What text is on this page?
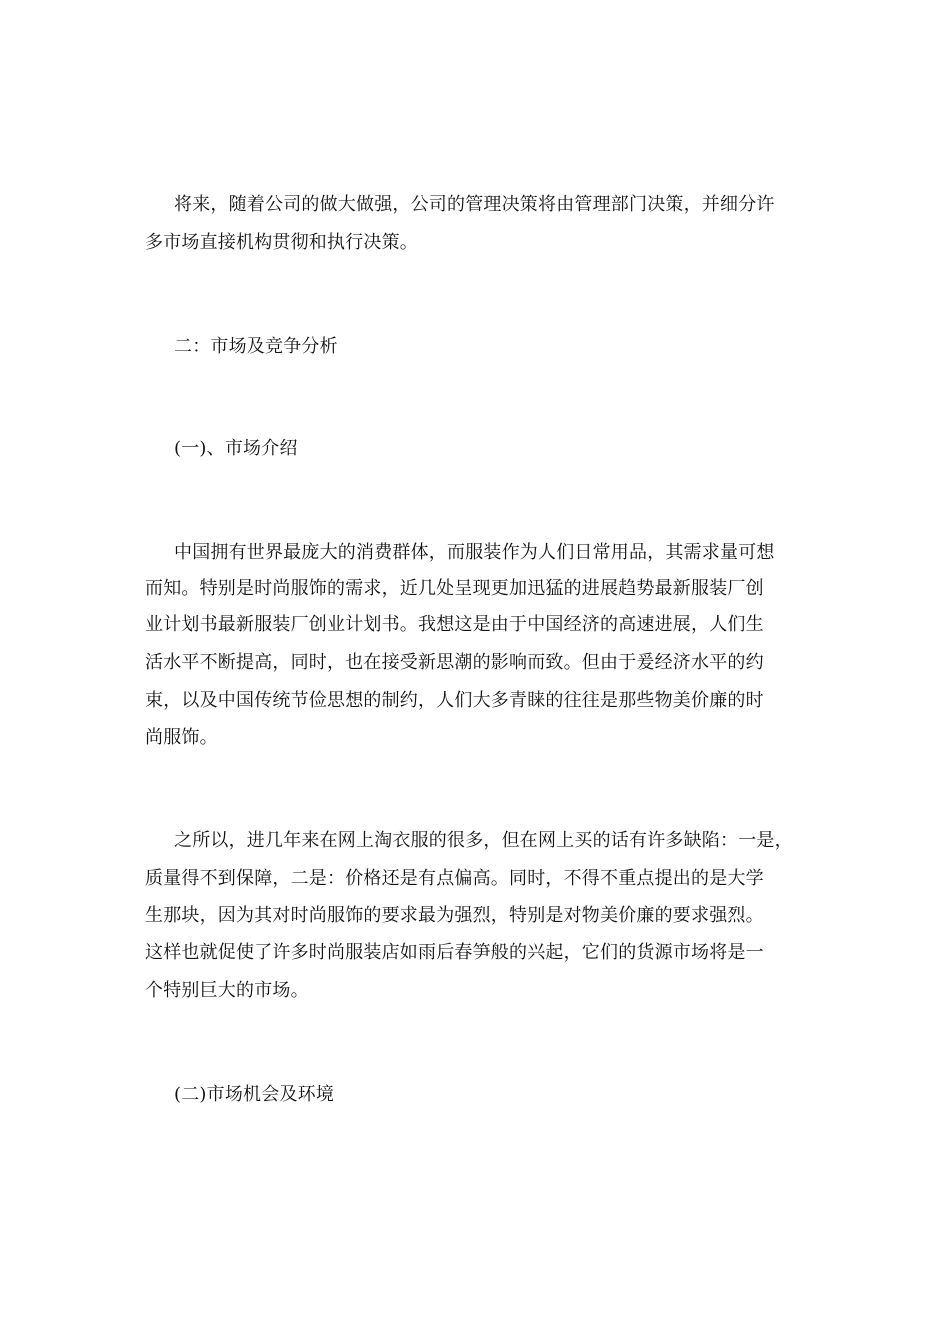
将来，随着公司的做大做强，公司的管理决策将由管理部门决策，并细分许
多市场直接机构贯彻和执行决策。
二：市场及竞争分析
(一)、市场介绍
中国拥有世界最庞大的消费群体，而服装作为人们日常用品，其需求量可想
而知。特别是时尚服饰的需求，近几处呈现更加迅猛的进展趋势最新服装厂创
业计划书最新服装厂创业计划书。我想这是由于中国经济的高速进展，人们生
活水平不断提高，同时，也在接受新思潮的影响而致。但由于爰经济水平的约
束，以及中国传统节俭思想的制约，人们大多青睐的往往是那些物美价廉的时
尚服饰。
之所以，进几年来在网上淘衣服的很多，但在网上买的话有许多缺陷：一是，
质量得不到保障，二是：价格还是有点偏高。同时，不得不重点提出的是大学
生那块，因为其对时尚服饰的要求最为强烈，特别是对物美价廉的要求强烈。
这样也就促使了许多时尚服装店如雨后春笋般的兴起，它们的货源市场将是一
个特别巨大的市场。
(二)市场机会及环境
